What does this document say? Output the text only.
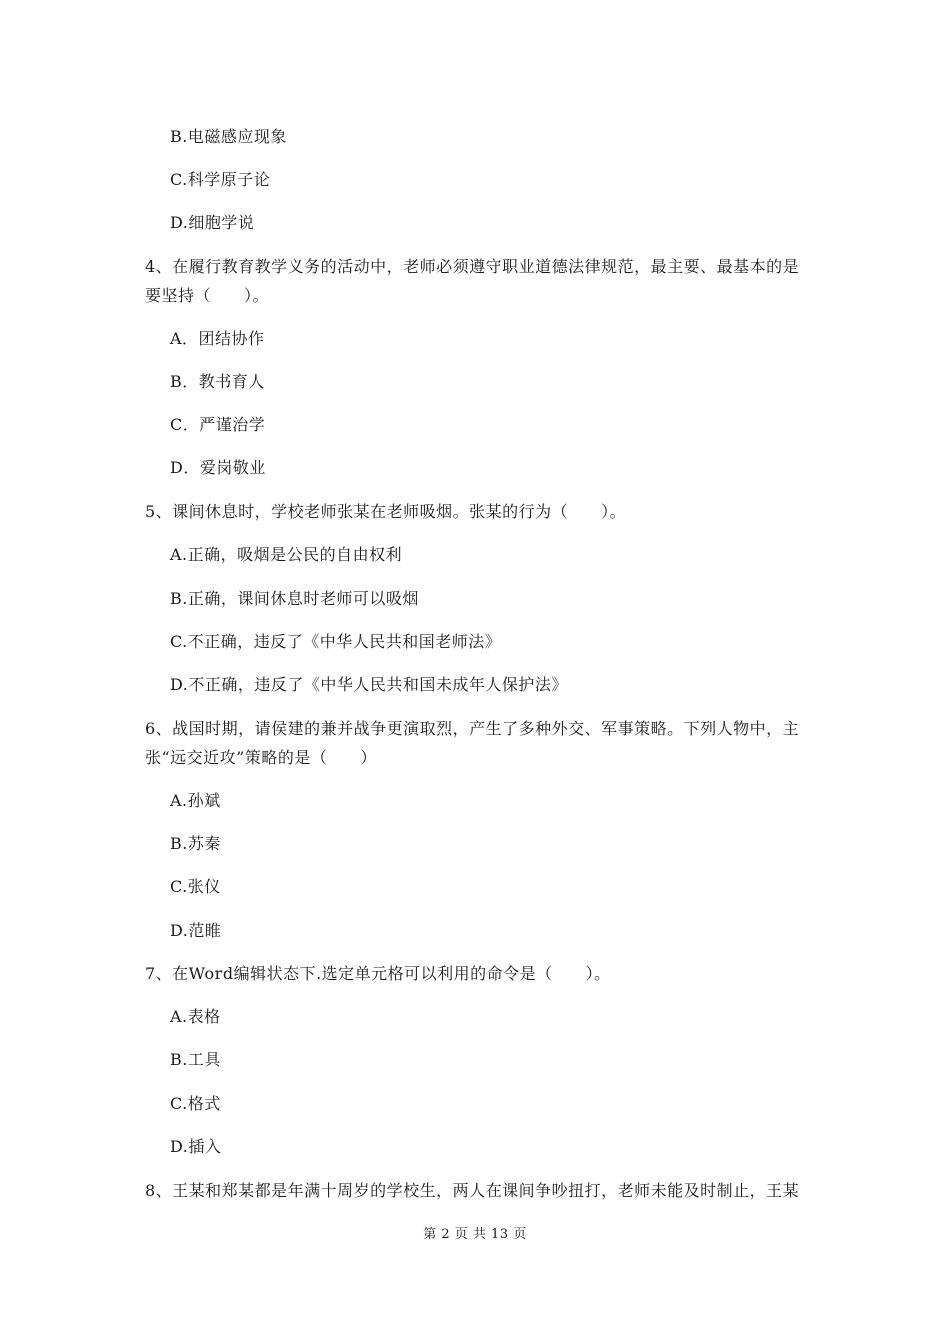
B.电磁感应现象
C.科学原子论
D.细胞学说
4、在履行教育教学义务的活动中，老师必须遵守职业道德法律规范，最主要、最基本的是
要坚持（　　）。
A．团结协作
B．教书育人
C．严谨治学
D．爱岗敬业
5、课间休息时，学校老师张某在老师吸烟。张某的行为（　　）。
A.正确，吸烟是公民的自由权利
B.正确，课间休息时老师可以吸烟
C.不正确，违反了《中华人民共和国老师法》
D.不正确，违反了《中华人民共和国未成年人保护法》
6、战国时期，请侯建的兼并战争更演取烈，产生了多种外交、军事策略。下列人物中，主
张“远交近攻”策略的是（　　）
A.孙斌
B.苏秦
C.张仪
D.范睢
7、在Word编辑状态下.选定单元格可以利用的命令是（　　）。
A.表格
B.工具
C.格式
D.插入
8、王某和郑某都是年满十周岁的学校生，两人在课间争吵扭打，老师未能及时制止，王某
第 2 页 共 13 页
